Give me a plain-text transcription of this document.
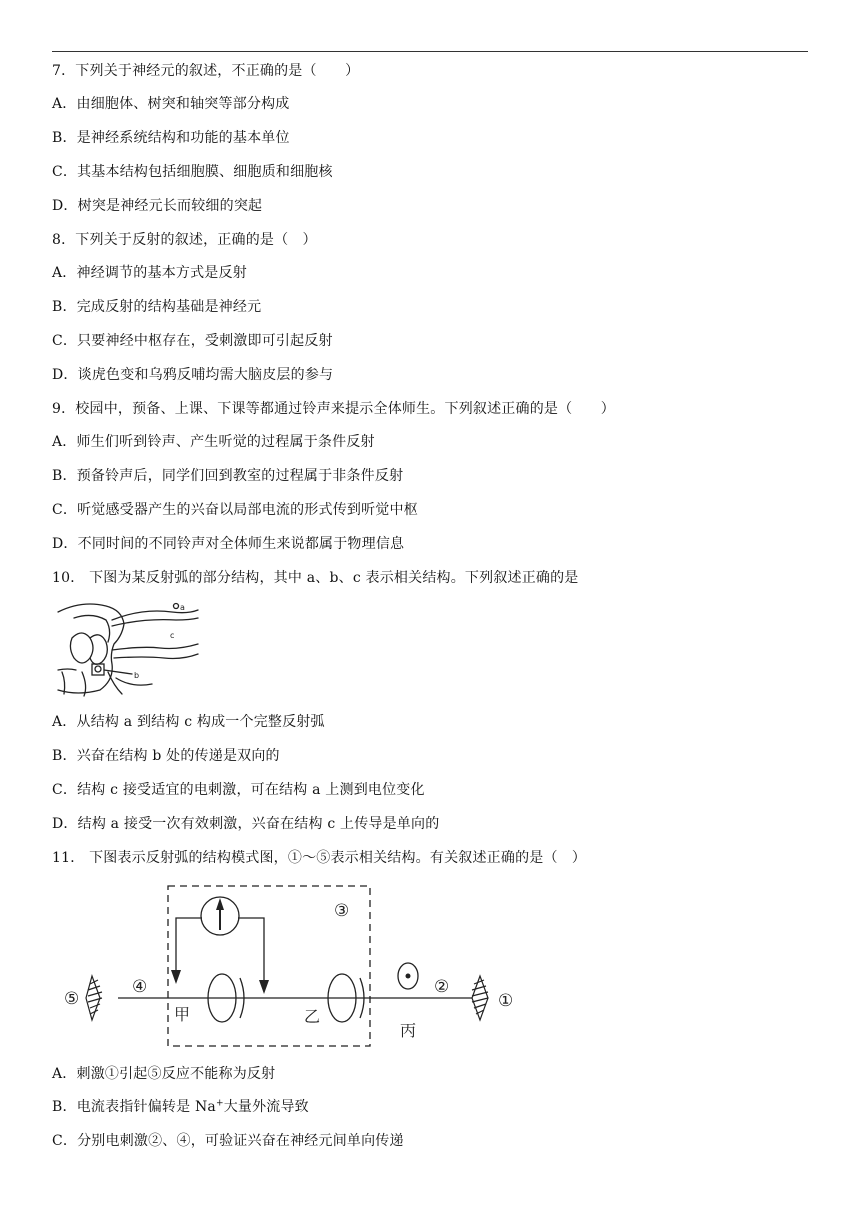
7．下列关于神经元的叙述，不正确的是（　　）
A．由细胞体、树突和轴突等部分构成
B．是神经系统结构和功能的基本单位
C．其基本结构包括细胞膜、细胞质和细胞核
D．树突是神经元长而较细的突起
8．下列关于反射的叙述，正确的是（　）
A．神经调节的基本方式是反射
B．完成反射的结构基础是神经元
C．只要神经中枢存在，受刺激即可引起反射
D．谈虎色变和乌鸦反哺均需大脑皮层的参与
9．校园中，预备、上课、下课等都通过铃声来提示全体师生。下列叙述正确的是（　　）
A．师生们听到铃声、产生听觉的过程属于条件反射
B．预备铃声后，同学们回到教室的过程属于非条件反射
C．听觉感受器产生的兴奋以局部电流的形式传到听觉中枢
D．不同时间的不同铃声对全体师生来说都属于物理信息
10． 下图为某反射弧的部分结构，其中 a、b、c 表示相关结构。下列叙述正确的是
a
b
c
A．从结构 a 到结构 c 构成一个完整反射弧
B．兴奋在结构 b 处的传递是双向的
C．结构 c 接受适宜的电刺激，可在结构 a 上测到电位变化
D．结构 a 接受一次有效刺激，兴奋在结构 c 上传导是单向的
11． 下图表示反射弧的结构模式图，①～⑤表示相关结构。有关叙述正确的是（　）
⑤
④
③
②
①
甲	乙
丙
A．刺激①引起⑤反应不能称为反射
B．电流表指针偏转是 Na+大量外流导致
C．分别电刺激②、④，可验证兴奋在神经元间单向传递
